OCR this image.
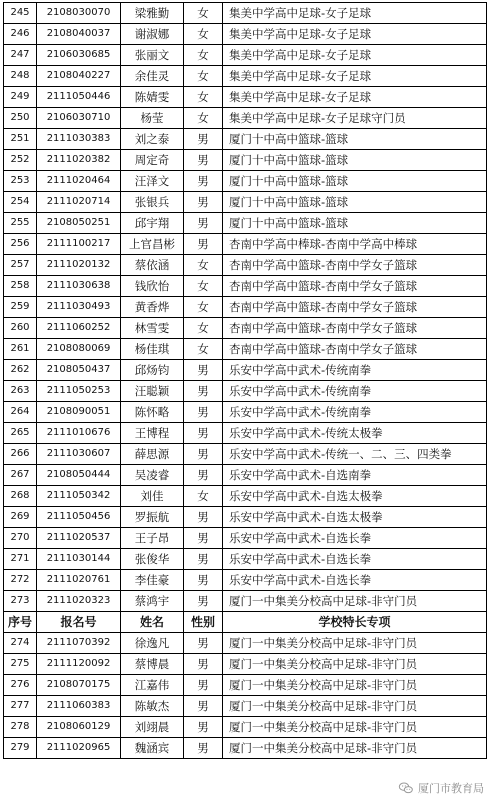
245	2108030070	梁雅勤	女	集美中学高中足球-女子足球
246	2108040037	谢淑娜	女	集美中学高中足球-女子足球
247	2106030685	张丽文	女	集美中学高中足球-女子足球
248	2108040227	余佳灵	女	集美中学高中足球-女子足球
249	2111050446	陈婧雯	女	集美中学高中足球-女子足球
250	2106030710	杨莹	女	集美中学高中足球-女子足球守门员
251	2111030383	刘之泰	男	厦门十中高中篮球-篮球
252	2111020382	周定奇	男	厦门十中高中篮球-篮球
253	2111020464	汪泽文	男	厦门十中高中篮球-篮球
254	2111020714	张银兵	男	厦门十中高中篮球-篮球
255	2108050251	邱宇翔	男	厦门十中高中篮球-篮球
256	2111100217	上官昌彬	男	杏南中学高中棒球-杏南中学高中棒球
257	2111020132	蔡依涵	女	杏南中学高中篮球-杏南中学女子篮球
258	2111030638	钱欣怡	女	杏南中学高中篮球-杏南中学女子篮球
259	2111030493	黄香烨	女	杏南中学高中篮球-杏南中学女子篮球
260	2111060252	林雪雯	女	杏南中学高中篮球-杏南中学女子篮球
261	2108080069	杨佳琪	女	杏南中学高中篮球-杏南中学女子篮球
262	2108050437	邱炀钧	男	乐安中学高中武术-传统南拳
263	2111050253	汪聪颖	男	乐安中学高中武术-传统南拳
264	2108090051	陈怀略	男	乐安中学高中武术-传统南拳
265	2111010676	王博程	男	乐安中学高中武术-传统太极拳
266	2111030607	薛思源	男	乐安中学高中武术-传统一、二、三、四类拳
267	2108050444	吴凌睿	男	乐安中学高中武术-自选南拳
268	2111050342	刘佳	女	乐安中学高中武术-自选太极拳
269	2111050456	罗振航	男	乐安中学高中武术-自选太极拳
270	2111020537	王子昂	男	乐安中学高中武术-自选长拳
271	2111030144	张俊华	男	乐安中学高中武术-自选长拳
272	2111020761	李佳豪	男	乐安中学高中武术-自选长拳
273	2111020323	蔡鸿宇	男	厦门一中集美分校高中足球-非守门员
序号	报名号	姓名	性别	学校特长专项
274	2111070392	徐逸凡	男	厦门一中集美分校高中足球-非守门员
275	2111120092	蔡博晨	男	厦门一中集美分校高中足球-非守门员
276	2108070175	江嘉伟	男	厦门一中集美分校高中足球-非守门员
277	2111060383	陈敏杰	男	厦门一中集美分校高中足球-非守门员
278	2108060129	刘翊晨	男	厦门一中集美分校高中足球-非守门员
279	2111020965	魏涵宾	男	厦门一中集美分校高中足球-非守门员
厦门市教育局
